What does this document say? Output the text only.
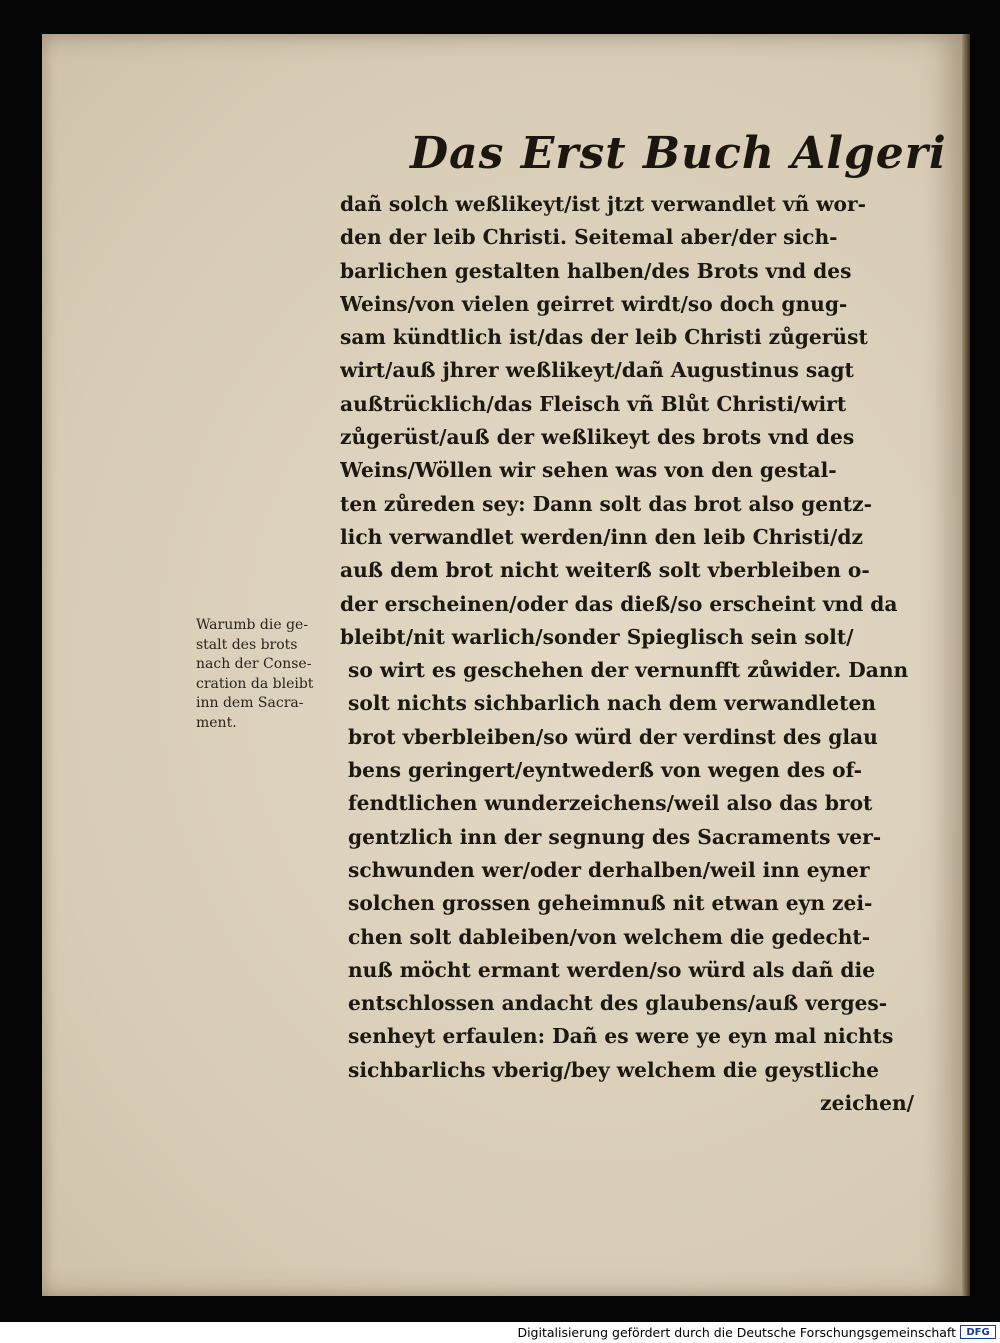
Das Erst Buch Algeri
Warumb die ge-
stalt des brots
nach der Conse-
cration da bleibt
inn dem Sacra-
ment.
dañ solch weßlikeyt/ist jtzt verwandlet vñ wor-
den der leib Christi. Seitemal aber/der sich-
barlichen gestalten halben/des Brots vnd des
Weins/von vielen geirret wirdt/so doch gnug-
sam kündtlich ist/das der leib Christi zůgerüst
wirt/auß jhrer weßlikeyt/dañ Augustinus sagt
außtrücklich/das Fleisch vñ Blůt Christi/wirt
zůgerüst/auß der weßlikeyt des brots vnd des
Weins/Wöllen wir sehen was von den gestal-
ten zůreden sey: Dann solt das brot also gentz-
lich verwandlet werden/inn den leib Christi/dz
auß dem brot nicht weiterß solt vberbleiben o-
der erscheinen/oder das dieß/so erscheint vnd da
bleibt/nit warlich/sonder Spieglisch sein solt/
so wirt es geschehen der vernunfft zůwider. Dann
solt nichts sichbarlich nach dem verwandleten
brot vberbleiben/so würd der verdinst des glau
bens geringert/eyntwederß von wegen des of-
fendtlichen wunderzeichens/weil also das brot
gentzlich inn der segnung des Sacraments ver-
schwunden wer/oder derhalben/weil inn eyner
solchen grossen geheimnuß nit etwan eyn zei-
chen solt dableiben/von welchem die gedecht-
nuß möcht ermant werden/so würd als dañ die
entschlossen andacht des glaubens/auß verges-
senheyt erfaulen: Dañ es were ye eyn mal nichts
sichbarlichs vberig/bey welchem die geystliche
zeichen/
Digitalisierung gefördert durch die Deutsche Forschungsgemeinschaft	DFG
